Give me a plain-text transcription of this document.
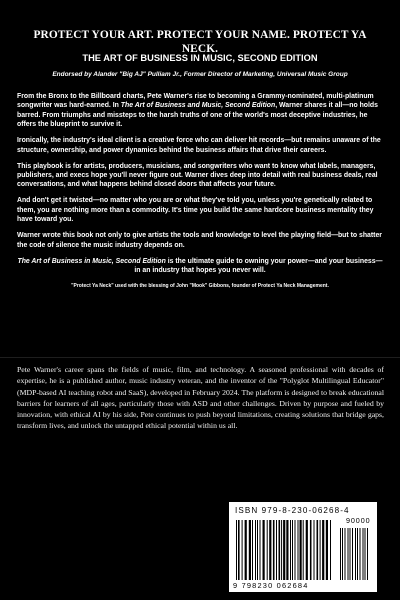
PROTECT YOUR ART. PROTECT YOUR NAME. PROTECT YA NECK.
THE ART OF BUSINESS IN MUSIC, SECOND EDITION
Endorsed by Alander "Big AJ" Pulliam Jr., Former Director of Marketing, Universal Music Group

From the Bronx to the Billboard charts, Pete Warner's rise to becoming a Grammy-nominated, multi-platinum songwriter was hard-earned. In The Art of Business and Music, Second Edition, Warner shares it all—no holds barred. From triumphs and missteps to the harsh truths of one of the world's most deceptive industries, he offers the blueprint to survive it.

Ironically, the industry's ideal client is a creative force who can deliver hit records—but remains unaware of the structure, ownership, and power dynamics behind the business affairs that drive their careers.

This playbook is for artists, producers, musicians, and songwriters who want to know what labels, managers, publishers, and execs hope you'll never figure out. Warner dives deep into detail with real business deals, real conversations, and what happens behind closed doors that affects your future.

And don't get it twisted—no matter who you are or what they've told you, unless you're genetically related to them, you are nothing more than a commodity. It's time you build the same hardcore business mentality they have toward you.

Warner wrote this book not only to give artists the tools and knowledge to level the playing field—but to shatter the code of silence the music industry depends on.

The Art of Business in Music, Second Edition is the ultimate guide to owning your power—and your business—in an industry that hopes you never will.

"Protect Ya Neck" used with the blessing of John "Mook" Gibbons, founder of Protect Ya Neck Management.

Pete Warner's career spans the fields of music, film, and technology. A seasoned professional with decades of expertise, he is a published author, music industry veteran, and the inventor of the "Polyglot Multilingual Educator" (MDP-based AI teaching robot and SaaS), developed in February 2024. The platform is designed to break educational barriers for learners of all ages, particularly those with ASD and other challenges. Driven by purpose and fueled by innovation, with ethical AI by his side, Pete continues to push beyond limitations, creating solutions that bridge gaps, transform lives, and unlock the untapped ethical potential within us all.
ISBN 979-8-230-06268-4
90000
9 798230 062684
